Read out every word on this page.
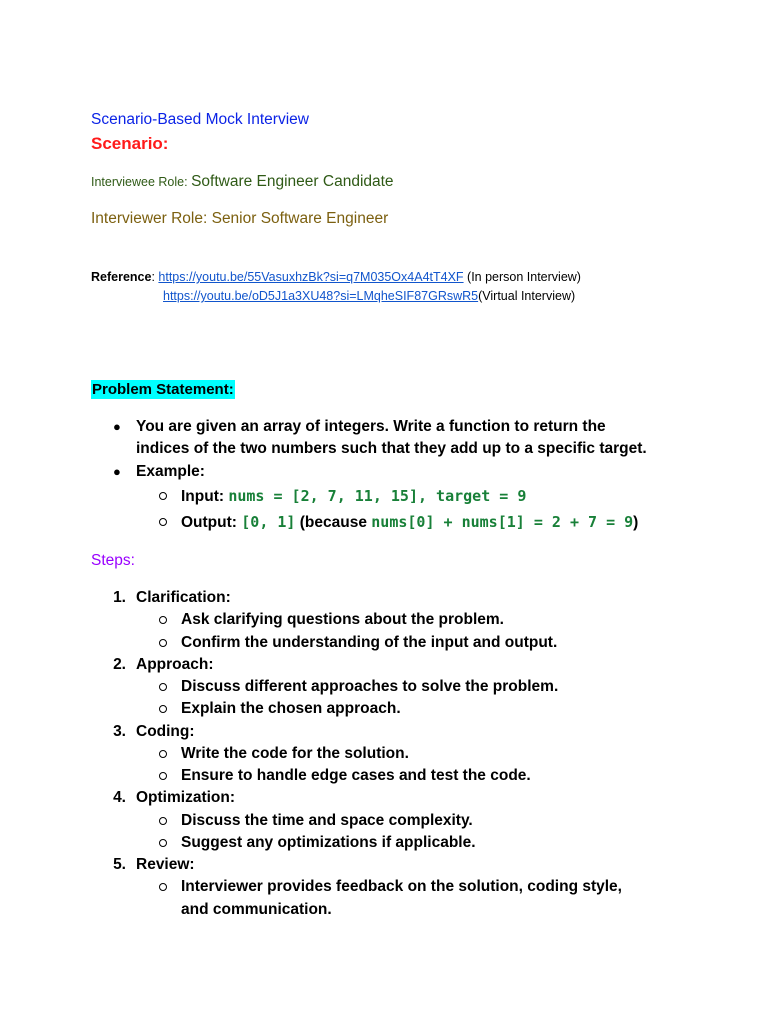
Scenario-Based Mock Interview
Scenario:
Interviewee Role: Software Engineer Candidate
Interviewer Role: Senior Software Engineer
Reference: https://youtu.be/55VasuxhzBk?si=q7M035Ox4A4tT4XF (In person Interview)
https://youtu.be/oD5J1a3XU48?si=LMqheSIF87GRswR5(Virtual Interview)
Problem Statement:
● You are given an array of integers. Write a function to return the
indices of the two numbers such that they add up to a specific target.
● Example:
Input: nums = [2, 7, 11, 15], target = 9
Output: [0, 1] (because nums[0] + nums[1] = 2 + 7 = 9)
Steps:
1. Clarification:
Ask clarifying questions about the problem.
Confirm the understanding of the input and output.
2. Approach:
Discuss different approaches to solve the problem.
Explain the chosen approach.
3. Coding:
Write the code for the solution.
Ensure to handle edge cases and test the code.
4. Optimization:
Discuss the time and space complexity.
Suggest any optimizations if applicable.
5. Review:
Interviewer provides feedback on the solution, coding style,
and communication.
